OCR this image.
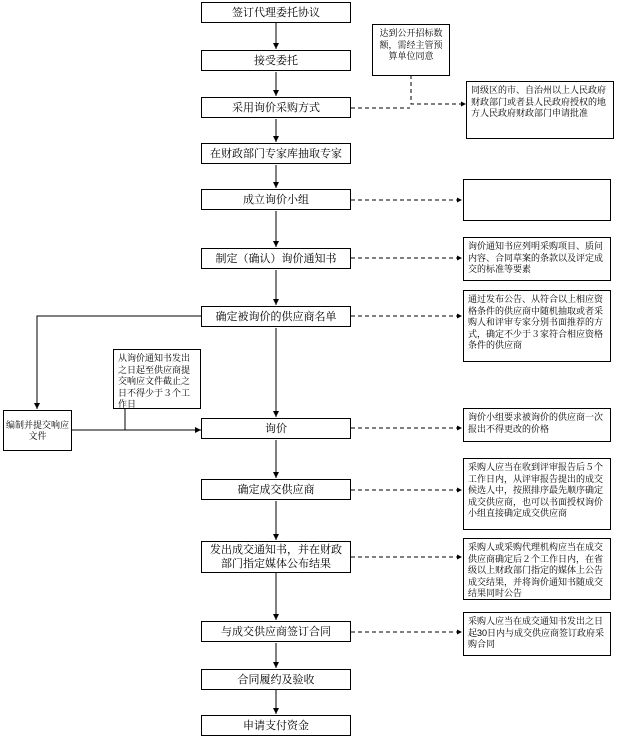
签订代理委托协议
接受委托
采用询价采购方式
在财政部门专家库抽取专家
成立询价小组
制定（确认）询价通知书
确定被询价的供应商名单
询价
确定成交供应商
发出成交通知书，并在财政部门指定媒体公布结果
与成交供应商签订合同
合同履约及验收
申请支付资金
编制并提交响应文件
从询价通知书发出之日起至供应商提交响应文件截止之日不得少于３个工作日
达到公开招标数额，需经主管预算单位同意
同级区的市、自治州以上人民政府财政部门或者县人民政府授权的地方人民政府财政部门申请批准
询价通知书应列明采购项目、质问内容、合同草案的条款以及评定成交的标准等要素
通过发布公告、从符合以上相应资格条件的供应商中随机抽取或者采购人和评审专家分别书面推荐的方式，确定不少于３家符合相应资格条件的供应商
询价小组要求被询价的供应商一次报出不得更改的价格
采购人应当在收到评审报告后５个工作日内，从评审报告提出的成交候选人中，按照排序最先顺序确定成交供应商，也可以书面授权询价小组直接确定成交供应商
采购人或采购代理机构应当在成交供应商确定后２个工作日内，在省级以上财政部门指定的媒体上公告成交结果，并将询价通知书随成交结果同时公告
采购人应当在成交通知书发出之日起30日内与成交供应商签订政府采购合同
